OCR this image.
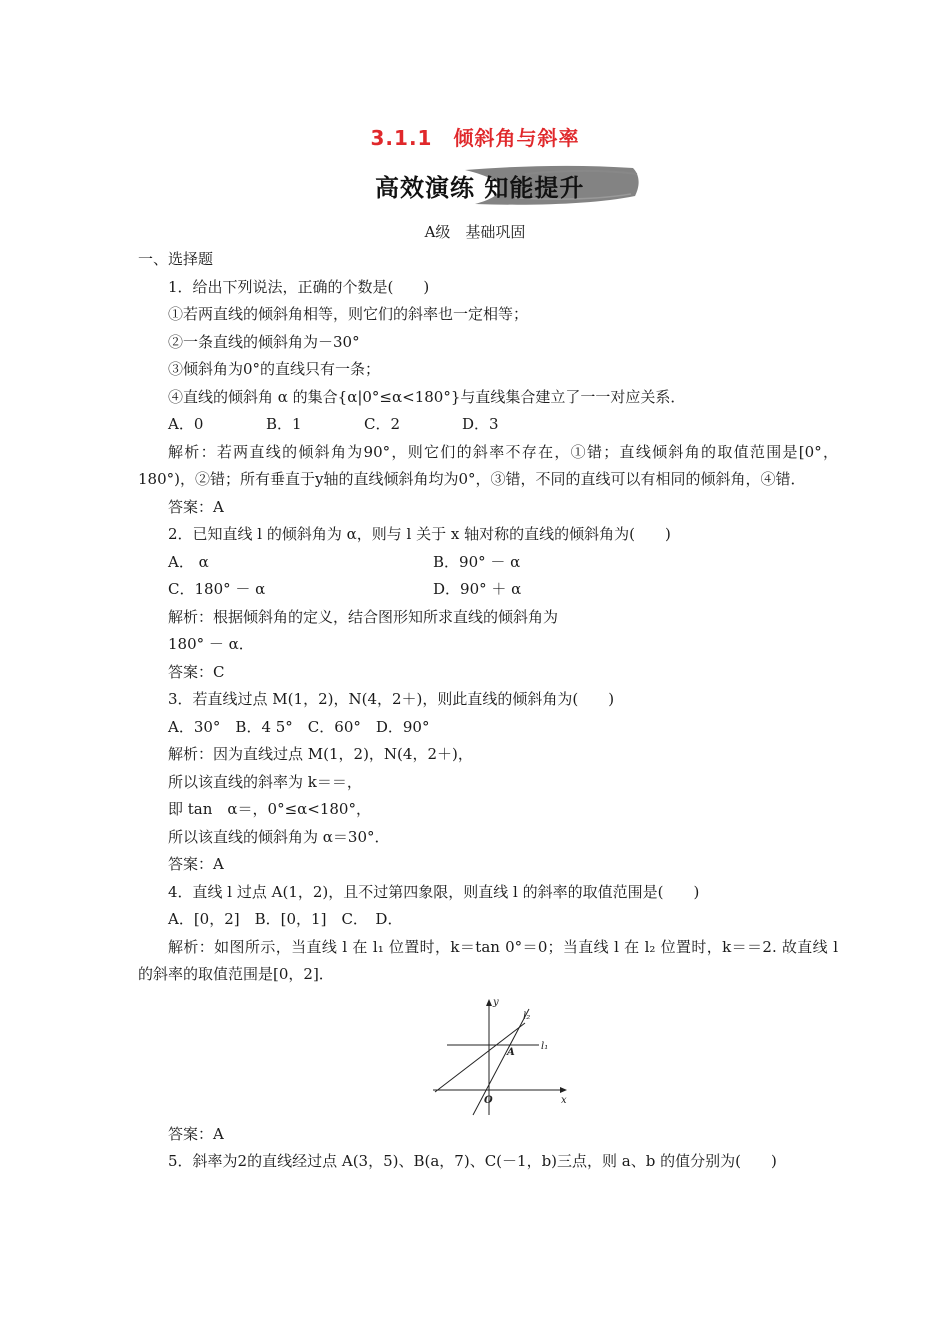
3.1.1　倾斜角与斜率
高效演练 知能提升
A级　基础巩固

一、选择题

1．给出下列说法，正确的个数是(　　)

①若两直线的倾斜角相等，则它们的斜率也一定相等；

②一条直线的倾斜角为－30°

③倾斜角为0°的直线只有一条；

④直线的倾斜角 α 的集合{α|0°≤α<180°}与直线集合建立了一一对应关系．

A．0	B．1	C．2	D．3

解析：若两直线的倾斜角为90°，则它们的斜率不存在，①错；直线倾斜角的取值范围是[0°，180°)，②错；所有垂直于y轴的直线倾斜角均为0°，③错，不同的直线可以有相同的倾斜角，④错．

答案：A

2．已知直线 l 的倾斜角为 α，则与 l 关于 x 轴对称的直线的倾斜角为(　　)

A． α	B．90° － α

C．180° － α	D．90° ＋ α

解析：根据倾斜角的定义，结合图形知所求直线的倾斜角为

180° － α．

答案：C

3．若直线过点 M(1，2)，N(4，2＋)，则此直线的倾斜角为(　　)

A．30°　B．4 5°　C．60°　D．90°

解析：因为直线过点 M(1，2)，N(4，2＋)，

所以该直线的斜率为 k＝＝，

即 tan　α＝，0°≤α<180°，

所以该直线的倾斜角为 α＝30°．

答案：A

4．直线 l 过点 A(1，2)，且不过第四象限，则直线 l 的斜率的取值范围是(　　)

A．[0，2]　B．[0，1]　C．　D．

解析：如图所示，当直线 l 在 l₁ 位置时，k＝tan 0°＝0；当直线 l 在 l₂ 位置时，k＝＝2. 故直线 l 的斜率的取值范围是[0，2]．

y
x
O
A
l₁
l₂

答案：A

5．斜率为2的直线经过点 A(3，5)、B(a，7)、C(－1，b)三点，则 a、b 的值分别为(　　)
